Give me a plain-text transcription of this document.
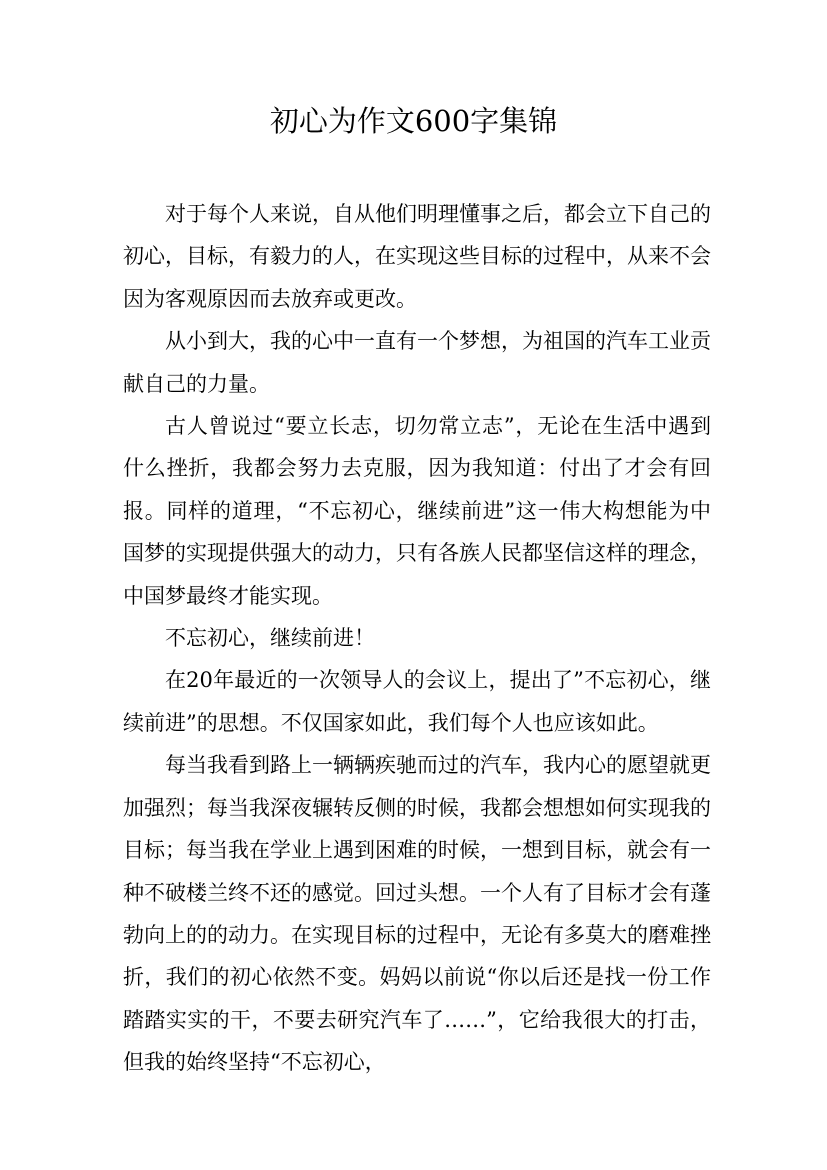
初心为作文600字集锦

对于每个人来说，自从他们明理懂事之后，都会立下自己的初心，目标，有毅力的人，在实现这些目标的过程中，从来不会因为客观原因而去放弃或更改。

从小到大，我的心中一直有一个梦想，为祖国的汽车工业贡献自己的力量。

古人曾说过“要立长志，切勿常立志”，无论在生活中遇到什么挫折，我都会努力去克服，因为我知道：付出了才会有回报。同样的道理，“不忘初心，继续前进”这一伟大构想能为中国梦的实现提供强大的动力，只有各族人民都坚信这样的理念，中国梦最终才能实现。

不忘初心，继续前进！

在20年最近的一次领导人的会议上，提出了”不忘初心，继续前进”的思想。不仅国家如此，我们每个人也应该如此。

每当我看到路上一辆辆疾驰而过的汽车，我内心的愿望就更加强烈；每当我深夜辗转反侧的时候，我都会想想如何实现我的目标；每当我在学业上遇到困难的时候，一想到目标，就会有一种不破楼兰终不还的感觉。回过头想。一个人有了目标才会有蓬勃向上的的动力。在实现目标的过程中，无论有多莫大的磨难挫折，我们的初心依然不变。妈妈以前说“你以后还是找一份工作踏踏实实的干，不要去研究汽车了……”，它给我很大的打击，但我的始终坚持“不忘初心，
